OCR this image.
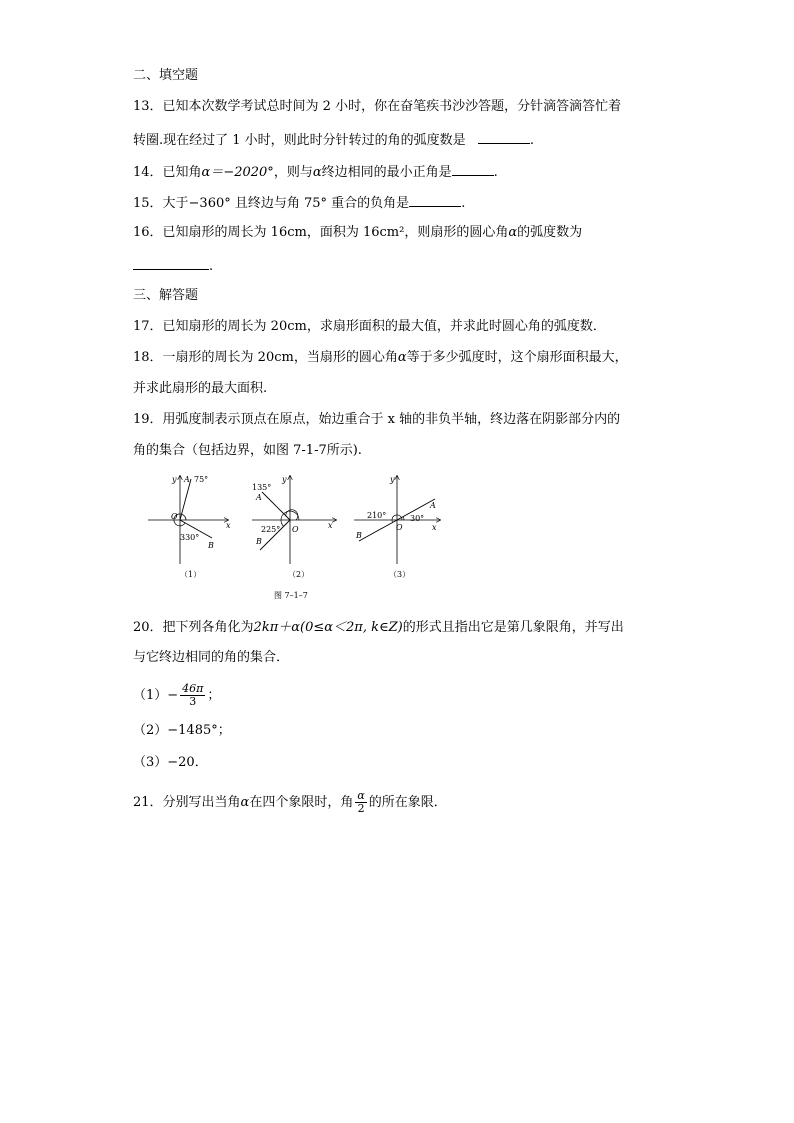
二、填空题
13．已知本次数学考试总时间为 2 小时，你在奋笔疾书沙沙答题，分针滴答滴答忙着
转圈.现在经过了 1 小时，则此时分针转过的角的弧度数是	.
14．已知角α＝−2020°，则与α终边相同的最小正角是	.
15．大于−360° 且终边与角 75° 重合的负角是	.
16．已知扇形的周长为 16cm，面积为 16cm²，则扇形的圆心角α的弧度数为
.
三、解答题
17．已知扇形的周长为 20cm，求扇形面积的最大值，并求此时圆心角的弧度数．
18．一扇形的周长为 20cm，当扇形的圆心角α等于多少弧度时，这个扇形面积最大，
并求此扇形的最大面积.
19．用弧度制表示顶点在原点，始边重合于 x 轴的非负半轴，终边落在阴影部分内的
角的集合（包括边界，如图 7-1-7所示).
y A 75°
O
x
330°
B
（1）
y
135°
A
225° O	x
B
（2）
210°	30°
A
O	x
B
y
（3）
图 7–1–7
20．把下列各角化为2kπ＋α(0≤α＜2π, k∈Z)的形式且指出它是第几象限角，并写出
与它终边相同的角的集合．
$(1)- \frac{46\pi}{3}$ ；
（2）−1485°；
（3）−20．
21．分别写出当角α在四个象限时，角 $\frac{\alpha}{2}$ 的所在象限．
